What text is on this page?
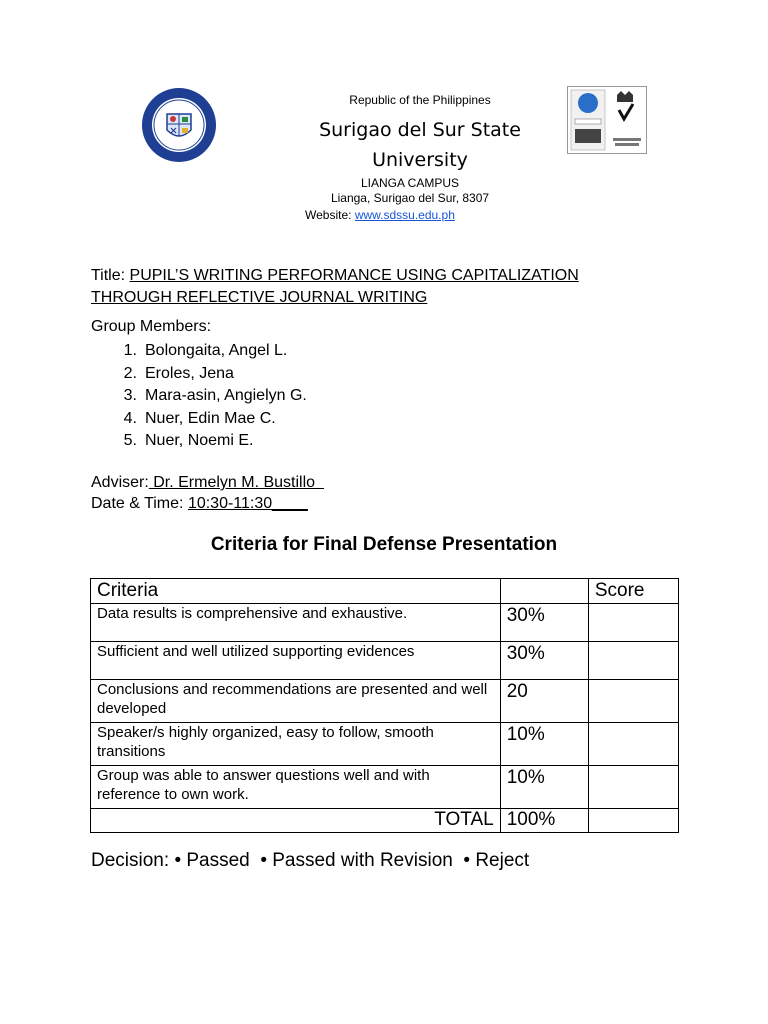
Republic of the Philippines
Surigao del Sur State
University
LIANGA CAMPUS
Lianga, Surigao del Sur, 8307
Website: www.sdssu.edu.ph
Title: PUPIL’S WRITING PERFORMANCE USING CAPITALIZATION
THROUGH REFLECTIVE JOURNAL WRITING
Group Members:
1. Bolongaita, Angel L.
2. Eroles, Jena
3. Mara-asin, Angielyn G.
4. Nuer, Edin Mae C.
5. Nuer, Noemi E.
Adviser: Dr. Ermelyn M. Bustillo
Date & Time: 10:30-11:30____
Criteria for Final Defense Presentation
Criteria		Score
Data results is comprehensive and exhaustive.	30%	
Sufficient and well utilized supporting evidences	30%	
Conclusions and recommendations are presented and well developed	20	
Speaker/s highly organized, easy to follow, smooth transitions	10%	
Group was able to answer questions well and with reference to own work.	10%	
TOTAL	100%	
Decision: • Passed • Passed with Revision • Reject
